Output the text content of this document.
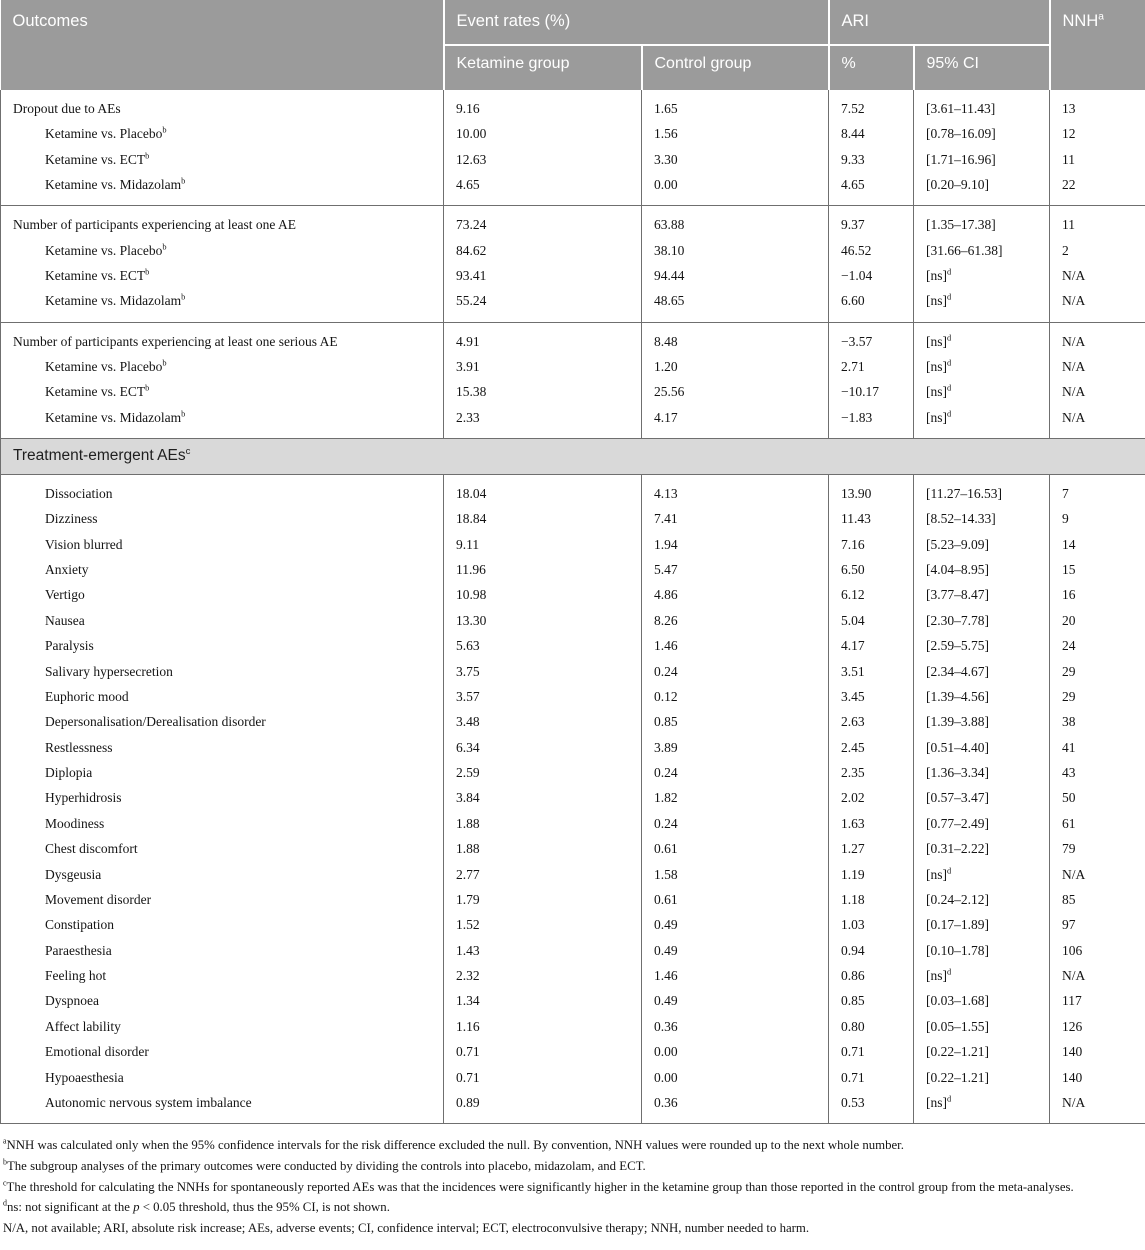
Outcomes	Event rates (%)		ARI		NNH$^a$
	Ketamine group	Control group	%	95% CI	
Dropout due to AEs	9.16	1.65	7.52	[3.61–11.43]	13
Ketamine vs. Placebo$^b$	10.00	1.56	8.44	[0.78–16.09]	12
Ketamine vs. ECT$^b$	12.63	3.30	9.33	[1.71–16.96]	11
Ketamine vs. Midazolam$^b$	4.65	0.00	4.65	[0.20–9.10]	22
Number of participants experiencing at least one AE	73.24	63.88	9.37	[1.35–17.38]	11
Ketamine vs. Placebo$^b$	84.62	38.10	46.52	[31.66–61.38]	2
Ketamine vs. ECT$^b$	93.41	94.44	−1.04	[ns]$^d$	N/A
Ketamine vs. Midazolam$^b$	55.24	48.65	6.60	[ns]$^d$	N/A
Number of participants experiencing at least one serious AE	4.91	8.48	−3.57	[ns]$^d$	N/A
Ketamine vs. Placebo$^b$	3.91	1.20	2.71	[ns]$^d$	N/A
Ketamine vs. ECT$^b$	15.38	25.56	−10.17	[ns]$^d$	N/A
Ketamine vs. Midazolam$^b$	2.33	4.17	−1.83	[ns]$^d$	N/A
Treatment-emergent AEs$^c$
Dissociation	18.04	4.13	13.90	[11.27–16.53]	7
Dizziness	18.84	7.41	11.43	[8.52–14.33]	9
Vision blurred	9.11	1.94	7.16	[5.23–9.09]	14
Anxiety	11.96	5.47	6.50	[4.04–8.95]	15
Vertigo	10.98	4.86	6.12	[3.77–8.47]	16
Nausea	13.30	8.26	5.04	[2.30–7.78]	20
Paralysis	5.63	1.46	4.17	[2.59–5.75]	24
Salivary hypersecretion	3.75	0.24	3.51	[2.34–4.67]	29
Euphoric mood	3.57	0.12	3.45	[1.39–4.56]	29
Depersonalisation/Derealisation disorder	3.48	0.85	2.63	[1.39–3.88]	38
Restlessness	6.34	3.89	2.45	[0.51–4.40]	41
Diplopia	2.59	0.24	2.35	[1.36–3.34]	43
Hyperhidrosis	3.84	1.82	2.02	[0.57–3.47]	50
Moodiness	1.88	0.24	1.63	[0.77–2.49]	61
Chest discomfort	1.88	0.61	1.27	[0.31–2.22]	79
Dysgeusia	2.77	1.58	1.19	[ns]$^d$	N/A
Movement disorder	1.79	0.61	1.18	[0.24–2.12]	85
Constipation	1.52	0.49	1.03	[0.17–1.89]	97
Paraesthesia	1.43	0.49	0.94	[0.10–1.78]	106
Feeling hot	2.32	1.46	0.86	[ns]$^d$	N/A
Dyspnoea	1.34	0.49	0.85	[0.03–1.68]	117
Affect lability	1.16	0.36	0.80	[0.05–1.55]	126
Emotional disorder	0.71	0.00	0.71	[0.22–1.21]	140
Hypoaesthesia	0.71	0.00	0.71	[0.22–1.21]	140
Autonomic nervous system imbalance	0.89	0.36	0.53	[ns]$^d$	N/A
$^a$NNH was calculated only when the 95% confidence intervals for the risk difference excluded the null. By convention, NNH values were rounded up to the next whole number.
$^b$The subgroup analyses of the primary outcomes were conducted by dividing the controls into placebo, midazolam, and ECT.
$^c$The threshold for calculating the NNHs for spontaneously reported AEs was that the incidences were significantly higher in the ketamine group than those reported in the control group from the meta-analyses.
$^d$ns: not significant at the p < 0.05 threshold, thus the 95% CI, is not shown.
N/A, not available; ARI, absolute risk increase; AEs, adverse events; CI, confidence interval; ECT, electroconvulsive therapy; NNH, number needed to harm.
